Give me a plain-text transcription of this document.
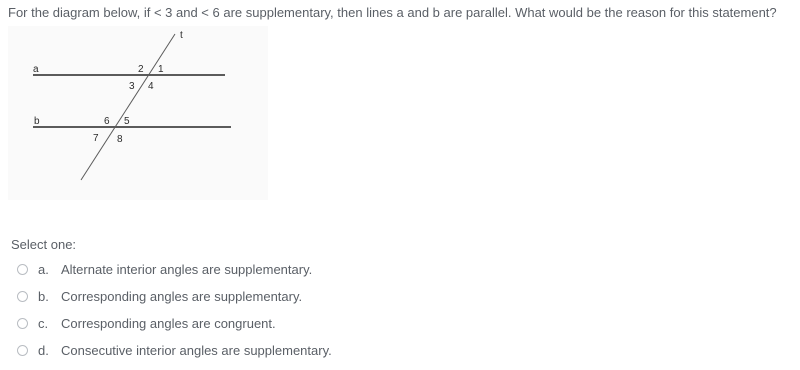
For the diagram below, if < 3 and < 6 are supplementary, then lines a and b are parallel. What would be the reason for this statement?
t
a
b
2 1
3 4
6 5
7 8
Select one:
a. Alternate interior angles are supplementary.
b. Corresponding angles are supplementary.
c. Corresponding angles are congruent.
d. Consecutive interior angles are supplementary.
